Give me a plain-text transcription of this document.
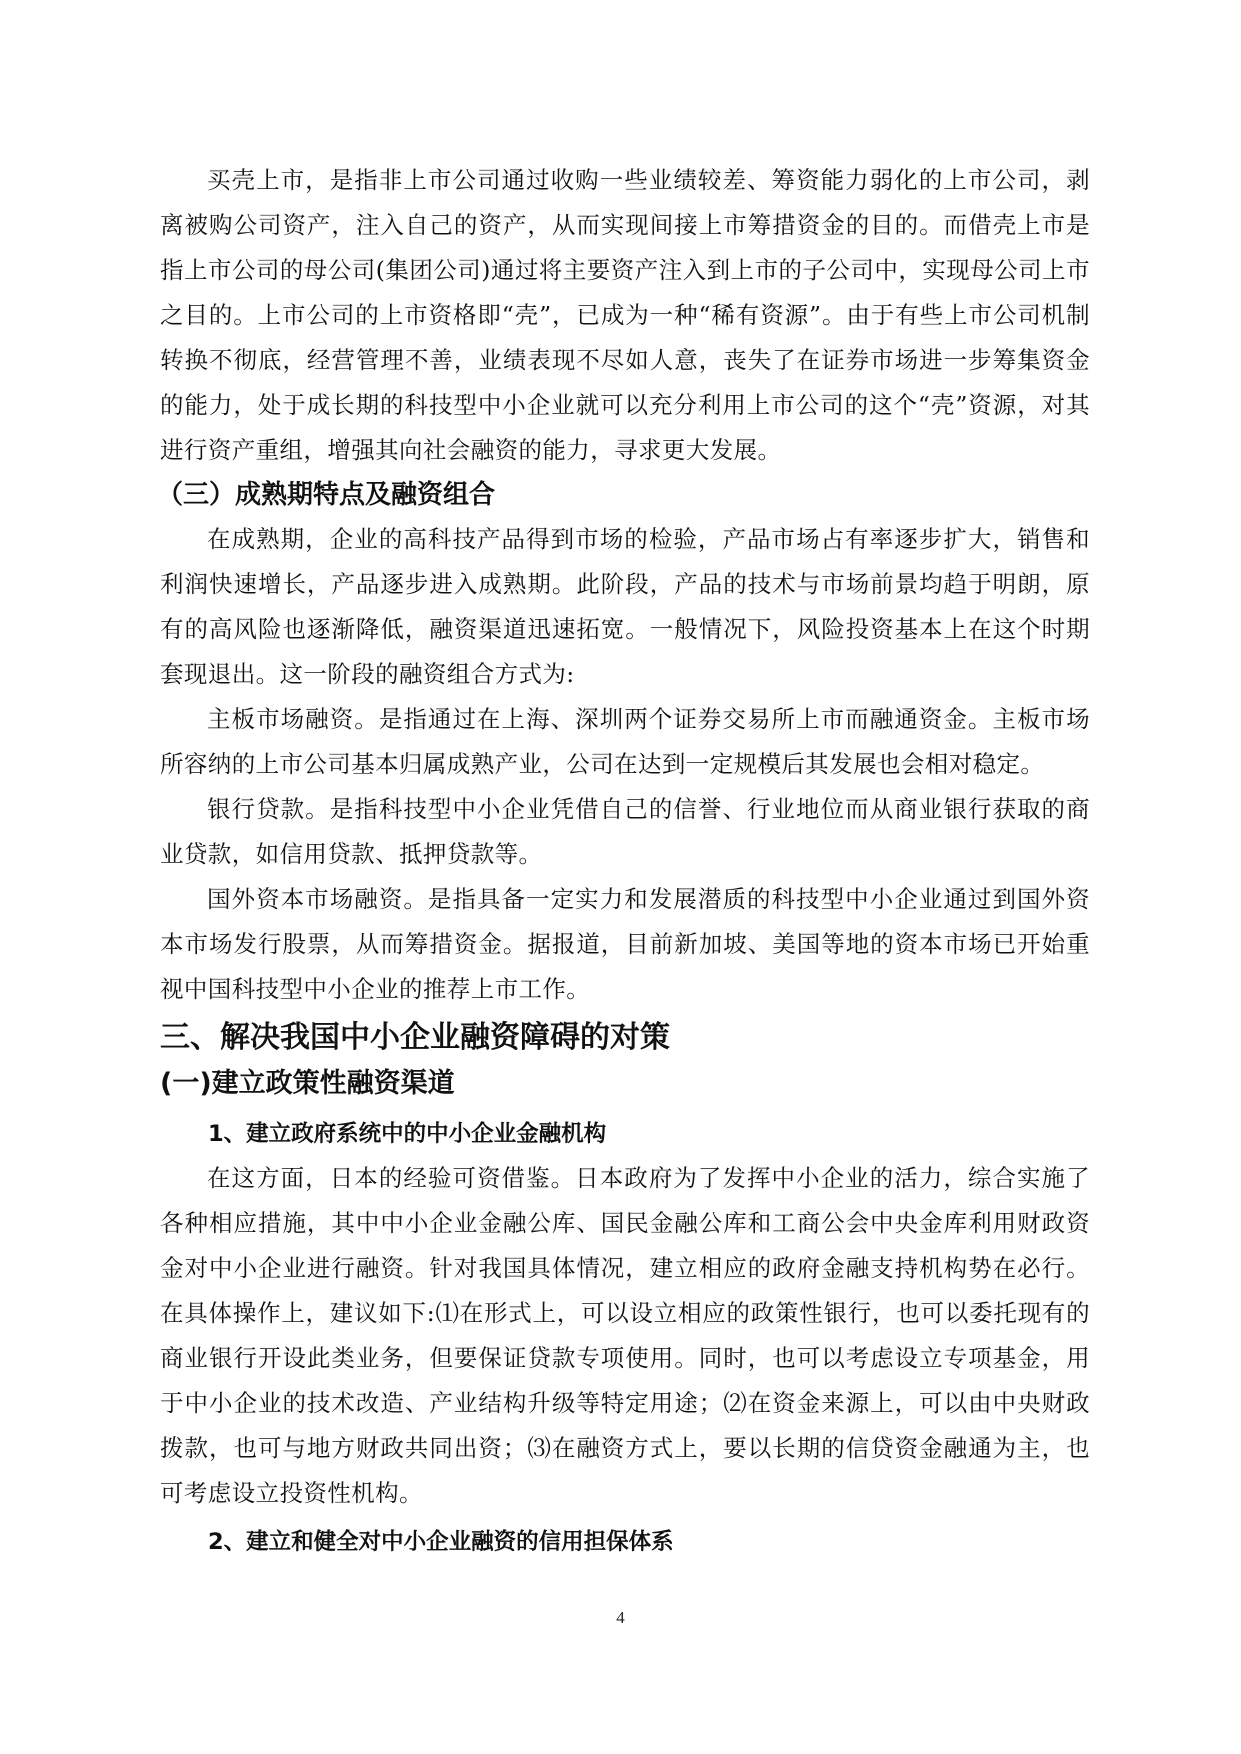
买壳上市，是指非上市公司通过收购一些业绩较差、筹资能力弱化的上市公司，剥离被购公司资产，注入自己的资产，从而实现间接上市筹措资金的目的。而借壳上市是指上市公司的母公司(集团公司)通过将主要资产注入到上市的子公司中，实现母公司上市之目的。上市公司的上市资格即“壳”，已成为一种“稀有资源”。由于有些上市公司机制转换不彻底，经营管理不善，业绩表现不尽如人意，丧失了在证券市场进一步筹集资金的能力，处于成长期的科技型中小企业就可以充分利用上市公司的这个“壳”资源，对其进行资产重组，增强其向社会融资的能力，寻求更大发展。

（三）成熟期特点及融资组合

在成熟期，企业的高科技产品得到市场的检验，产品市场占有率逐步扩大，销售和利润快速增长，产品逐步进入成熟期。此阶段，产品的技术与市场前景均趋于明朗，原有的高风险也逐渐降低，融资渠道迅速拓宽。一般情况下，风险投资基本上在这个时期套现退出。这一阶段的融资组合方式为:

主板市场融资。是指通过在上海、深圳两个证券交易所上市而融通资金。主板市场所容纳的上市公司基本归属成熟产业，公司在达到一定规模后其发展也会相对稳定。

银行贷款。是指科技型中小企业凭借自己的信誉、行业地位而从商业银行获取的商业贷款，如信用贷款、抵押贷款等。

国外资本市场融资。是指具备一定实力和发展潜质的科技型中小企业通过到国外资本市场发行股票，从而筹措资金。据报道，目前新加坡、美国等地的资本市场已开始重视中国科技型中小企业的推荐上市工作。

三、解决我国中小企业融资障碍的对策
(一)建立政策性融资渠道
1、建立政府系统中的中小企业金融机构

在这方面，日本的经验可资借鉴。日本政府为了发挥中小企业的活力，综合实施了各种相应措施，其中中小企业金融公库、国民金融公库和工商公会中央金库利用财政资金对中小企业进行融资。针对我国具体情况，建立相应的政府金融支持机构势在必行。在具体操作上，建议如下:⑴在形式上，可以设立相应的政策性银行，也可以委托现有的商业银行开设此类业务，但要保证贷款专项使用。同时，也可以考虑设立专项基金，用于中小企业的技术改造、产业结构升级等特定用途；⑵在资金来源上，可以由中央财政拨款，也可与地方财政共同出资；⑶在融资方式上，要以长期的信贷资金融通为主，也可考虑设立投资性机构。

2、建立和健全对中小企业融资的信用担保体系
4
